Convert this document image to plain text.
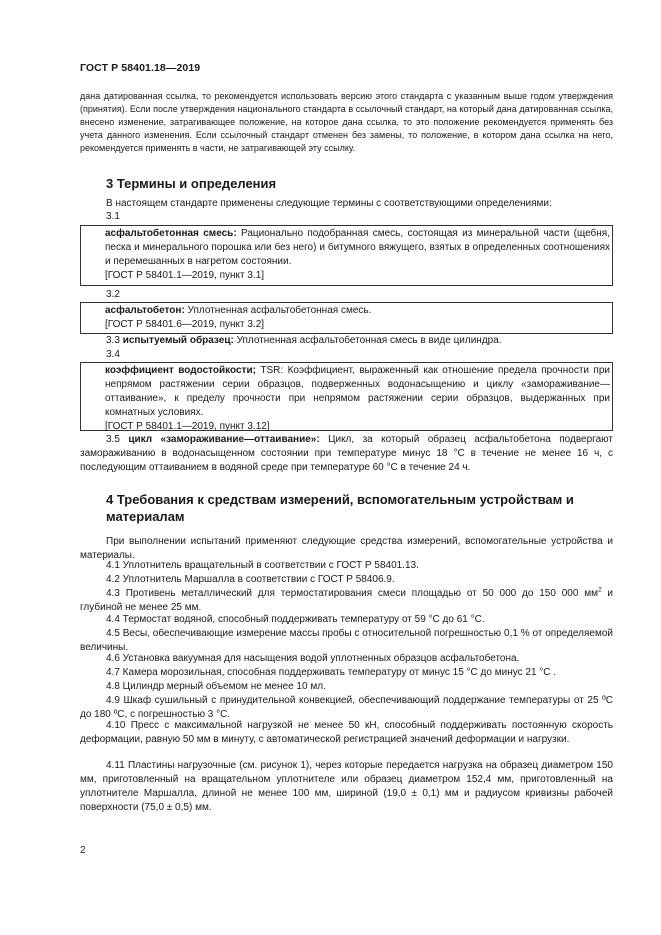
ГОСТ Р 58401.18—2019
дана датированная ссылка, то рекомендуется использовать версию этого стандарта с указанным выше годом утверждения (принятия). Если после утверждения национального стандарта в ссылочный стандарт, на который дана датированная ссылка, внесено изменение, затрагивающее положение, на которое дана ссылка, то это положение рекомендуется применять без учета данного изменения. Если ссылочный стандарт отменен без замены, то положение, в котором дана ссылка на него, рекомендуется применять в части, не затрагивающей эту ссылку.
3 Термины и определения
В настоящем стандарте применены следующие термины с соответствующими определениями:
3.1
асфальтобетонная смесь: Рационально подобранная смесь, состоящая из минеральной части (щебня, песка и минерального порошка или без него) и битумного вяжущего, взятых в определенных соотношениях и перемешанных в нагретом состоянии.
[ГОСТ Р 58401.1—2019, пункт 3.1]
3.2
асфальтобетон: Уплотненная асфальтобетонная смесь.
[ГОСТ Р 58401.6—2019, пункт 3.2]
3.3 испытуемый образец: Уплотненная асфальтобетонная смесь в виде цилиндра.
3.4
коэффициент водостойкости; TSR: Коэффициент, выраженный как отношение предела прочности при непрямом растяжении серии образцов, подверженных водонасыщению и циклу «замораживание—оттаивание», к пределу прочности при непрямом растяжении серии образцов, выдержанных при комнатных условиях.
[ГОСТ Р 58401.1—2019, пункт 3.12]
3.5 цикл «замораживание—оттаивание»: Цикл, за который образец асфальтобетона подвергают замораживанию в водонасыщенном состоянии при температуре минус 18 °С в течение не менее 16 ч, с последующим оттаиванием в водяной среде при температуре 60 °С в течение 24 ч.
4 Требования к средствам измерений, вспомогательным устройствам и материалам
При выполнении испытаний применяют следующие средства измерений, вспомогательные устройства и материалы.
4.1 Уплотнитель вращательный в соответствии с ГОСТ Р 58401.13.
4.2 Уплотнитель Маршалла в соответствии с ГОСТ Р 58406.9.
4.3 Противень металлический для термостатирования смеси площадью от 50 000 до 150 000 $мм^2$ и глубиной не менее 25 мм.
4.4 Термостат водяной, способный поддерживать температуру от 59 °С до 61 °С.
4.5 Весы, обеспечивающие измерение массы пробы с относительной погрешностью 0,1 % от определяемой величины.
4.6 Установка вакуумная для насыщения водой уплотненных образцов асфальтобетона.
4.7 Камера морозильная, способная поддерживать температуру от минус 15 °С до минус 21 °С .
4.8 Цилиндр мерный объемом не менее 10 мл.
4.9 Шкаф сушильный с принудительной конвекцией, обеспечивающий поддержание температуры от 25 ºС до 180 ºС, с погрешностью 3 °С.
4.10 Пресс с максимальной нагрузкой не менее 50 кН, способный поддерживать постоянную скорость деформации, равную 50 мм в минуту, с автоматической регистрацией значений деформации и нагрузки.
4.11 Пластины нагрузочные (см. рисунок 1), через которые передается нагрузка на образец диаметром 150 мм, приготовленный на вращательном уплотнителе или образец диаметром 152,4 мм, приготовленный на уплотнителе Маршалла, длиной не менее 100 мм, шириной (19,0 ± 0,1) мм и радиусом кривизны рабочей поверхности (75,0 ± 0,5) мм.
2
